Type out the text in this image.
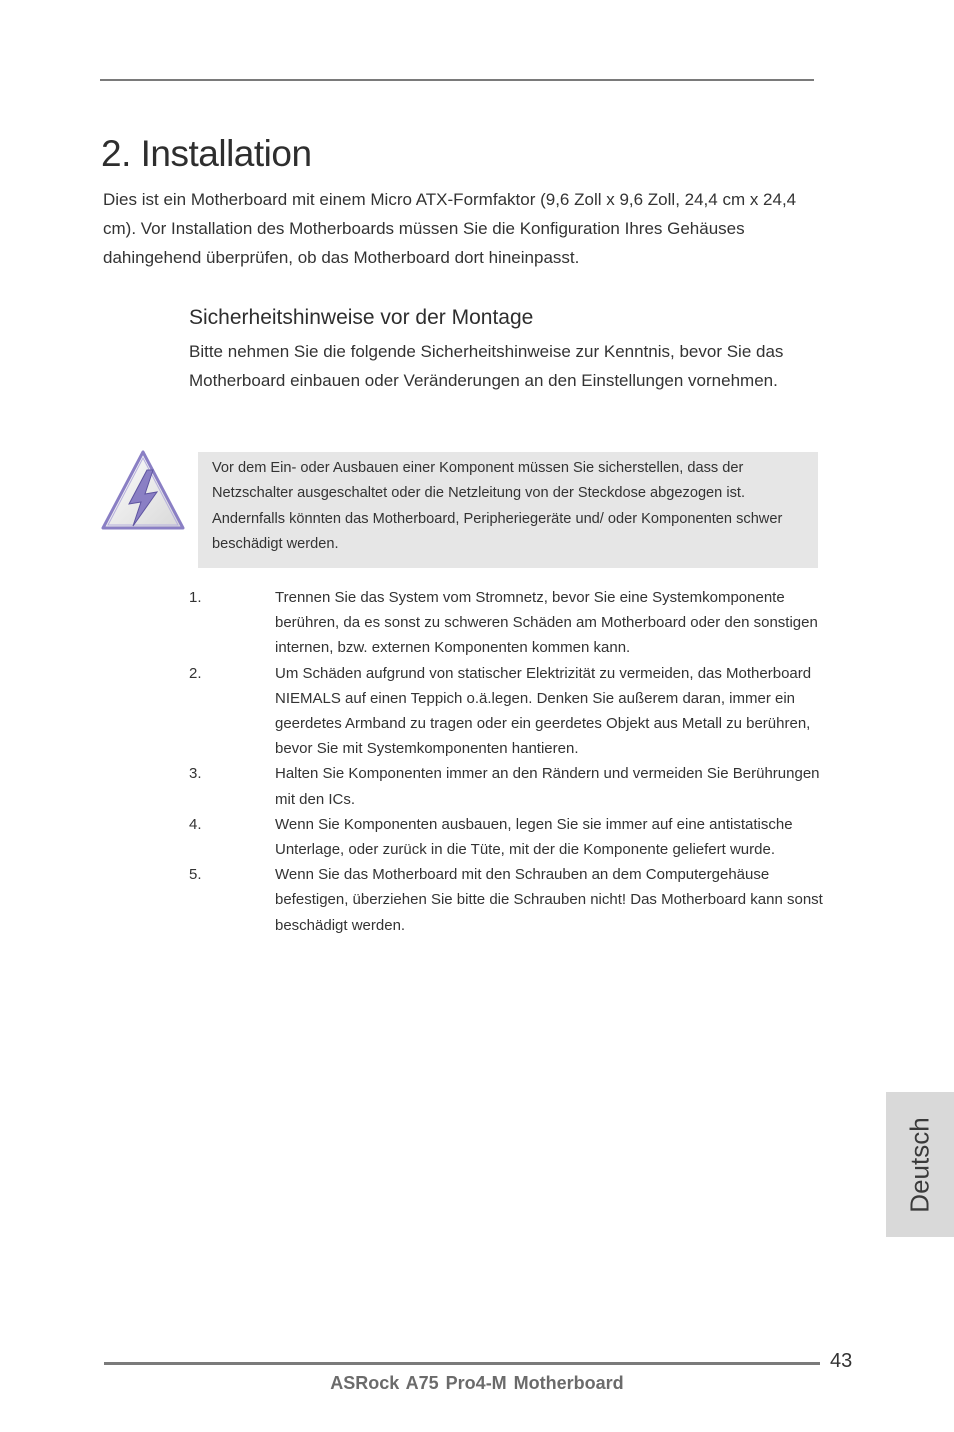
2. Installation

Dies ist ein Motherboard mit einem Micro ATX-Formfaktor (9,6 Zoll x 9,6 Zoll, 24,4 cm x 24,4 cm). Vor Installation des Motherboards müssen Sie die Konfiguration Ihres Gehäuses dahingehend überprüfen, ob das Motherboard dort hineinpasst.

Sicherheitshinweise vor der Montage

Bitte nehmen Sie die folgende Sicherheitshinweise zur Kenntnis, bevor Sie das Motherboard einbauen oder Veränderungen an den Einstellungen vornehmen.

Vor dem Ein- oder Ausbauen einer Komponent müssen Sie sicherstellen, dass der Netzschalter ausgeschaltet oder die Netzleitung von der Steckdose abgezogen ist. Andernfalls könnten das Motherboard, Peripheriegeräte und/ oder Komponenten schwer beschädigt werden.

1.	Trennen Sie das System vom Stromnetz, bevor Sie eine Systemkomponente berühren, da es sonst zu schweren Schäden am Motherboard oder den sonstigen internen, bzw. externen Komponenten kommen kann.
2.	Um Schäden aufgrund von statischer Elektrizität zu vermeiden, das Motherboard NIEMALS auf einen Teppich o.ä.legen. Denken Sie außerem daran, immer ein geerdetes Armband zu tragen oder ein geerdetes Objekt aus Metall zu berühren, bevor Sie mit Systemkomponenten hantieren.
3.	Halten Sie Komponenten immer an den Rändern und vermeiden Sie Berührungen mit den ICs.
4.	Wenn Sie Komponenten ausbauen, legen Sie sie immer auf eine antistatische Unterlage, oder zurück in die Tüte, mit der die Komponente geliefert wurde.
5.	Wenn Sie das Motherboard mit den Schrauben an dem Computergehäuse befestigen, überziehen Sie bitte die Schrauben nicht! Das Motherboard kann sonst beschädigt werden.
Deutsch
43
ASRock A75 Pro4-M Motherboard
